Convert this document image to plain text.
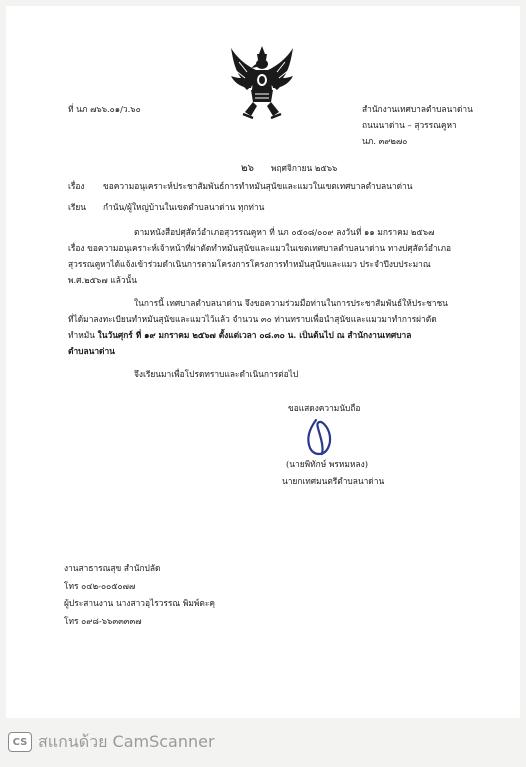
ที่ นภ ๗๖๖.๐๑/ว.๖๐	สำนักงานเทศบาลตำบลนาด่าน
ถนนนาด่าน – สุวรรณคูหา
นภ. ๓๙๒๗๐
๒๖ พฤศจิกายน ๒๕๖๖
เรื่อง ขอความอนุเคราะห์ประชาสัมพันธ์การทำหมันสุนัขและแมวในเขตเทศบาลตำบลนาด่าน
เรียน กำนัน/ผู้ใหญ่บ้านในเขตตำบลนาด่าน ทุกท่าน
ตามหนังสือปศุสัตว์อำเภอสุวรรณคูหา ที่ นภ ๐๕๐๘/๐๐๙ ลงวันที่ ๑๑ มกราคม ๒๕๖๗
เรื่อง ขอความอนุเคราะห์เจ้าหน้าที่ผ่าตัดทำหมันสุนัขและแมวในเขตเทศบาลตำบลนาด่าน ทางปศุสัตว์อำเภอ
สุวรรณคูหาได้แจ้งเข้าร่วมดำเนินการตามโครงการโครงการทำหมันสุนัขและแมว ประจำปีงบประมาณ
พ.ศ.๒๕๖๗ แล้วนั้น
ในการนี้ เทศบาลตำบลนาด่าน จึงขอความร่วมมือท่านในการประชาสัมพันธ์ให้ประชาชน
ที่ได้มาลงทะเบียนทำหมันสุนัขและแมวไว้แล้ว จำนวน ๓๐ ท่านทราบเพื่อนำสุนัขและแมวมาทำการผ่าตัด
ทำหมัน ในวันศุกร์ ที่ ๑๙ มกราคม ๒๕๖๗ ตั้งแต่เวลา ๐๘.๓๐ น. เป็นต้นไป ณ สำนักงานเทศบาล
ตำบลนาด่าน
จึงเรียนมาเพื่อโปรดทราบและดำเนินการต่อไป
ขอแสดงความนับถือ
(นายพิทักษ์ พรหมหลง)
นายกเทศมนตรีตำบลนาด่าน
งานสาธารณสุข สำนักปลัด
โทร ๐๔๒-๐๐๕๐๗๗
ผู้ประสานงาน นางสาวอุไรวรรณ พิมพ์ตะคุ
โทร ๐๙๘-๖๖๓๓๓๓๗
CS สแกนด้วย CamScanner
